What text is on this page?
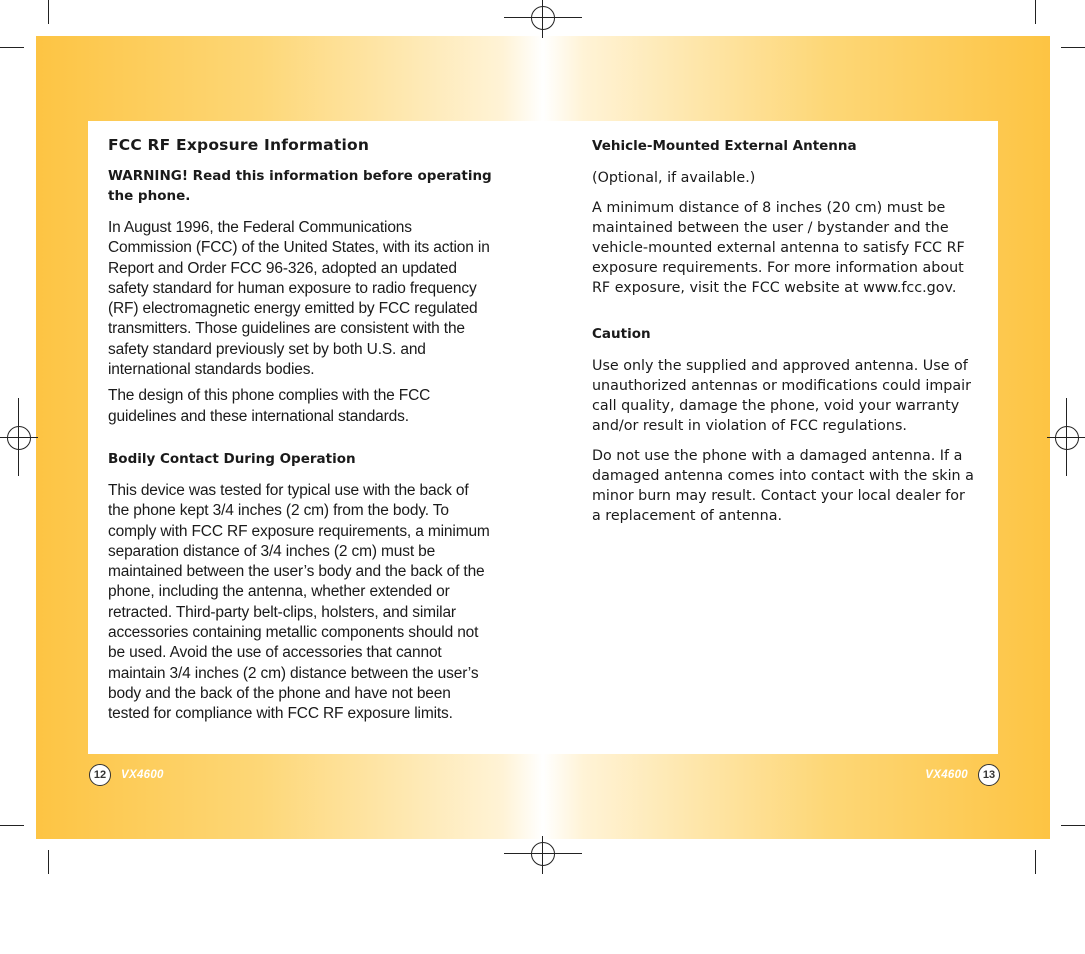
FCC RF Exposure Information
WARNING! Read this information before operating the phone.

In August 1996, the Federal Communications Commission (FCC) of the United States, with its action in Report and Order FCC 96-326, adopted an updated safety standard for human exposure to radio frequency (RF) electromagnetic energy emitted by FCC regulated transmitters. Those guidelines are consistent with the safety standard previously set by both U.S. and international standards bodies.

The design of this phone complies with the FCC guidelines and these international standards.

Bodily Contact During Operation

This device was tested for typical use with the back of the phone kept 3/4 inches (2 cm) from the body. To comply with FCC RF exposure requirements, a minimum separation distance of 3/4 inches (2 cm) must be maintained between the user’s body and the back of the phone, including the antenna, whether extended or retracted. Third-party belt-clips, holsters, and similar accessories containing metallic components should not be used. Avoid the use of accessories that cannot maintain 3/4 inches (2 cm) distance between the user’s body and the back of the phone and have not been tested for compliance with FCC RF exposure limits.

Vehicle-Mounted External Antenna

(Optional, if available.)

A minimum distance of 8 inches (20 cm) must be maintained between the user / bystander and the vehicle-mounted external antenna to satisfy FCC RF exposure requirements. For more information about RF exposure, visit the FCC website at www.fcc.gov.

Caution

Use only the supplied and approved antenna. Use of unauthorized antennas or modifications could impair call quality, damage the phone, void your warranty and/or result in violation of FCC regulations.

Do not use the phone with a damaged antenna. If a damaged antenna comes into contact with the skin a minor burn may result. Contact your local dealer for a replacement of antenna.

12	VX4600	VX4600	13
